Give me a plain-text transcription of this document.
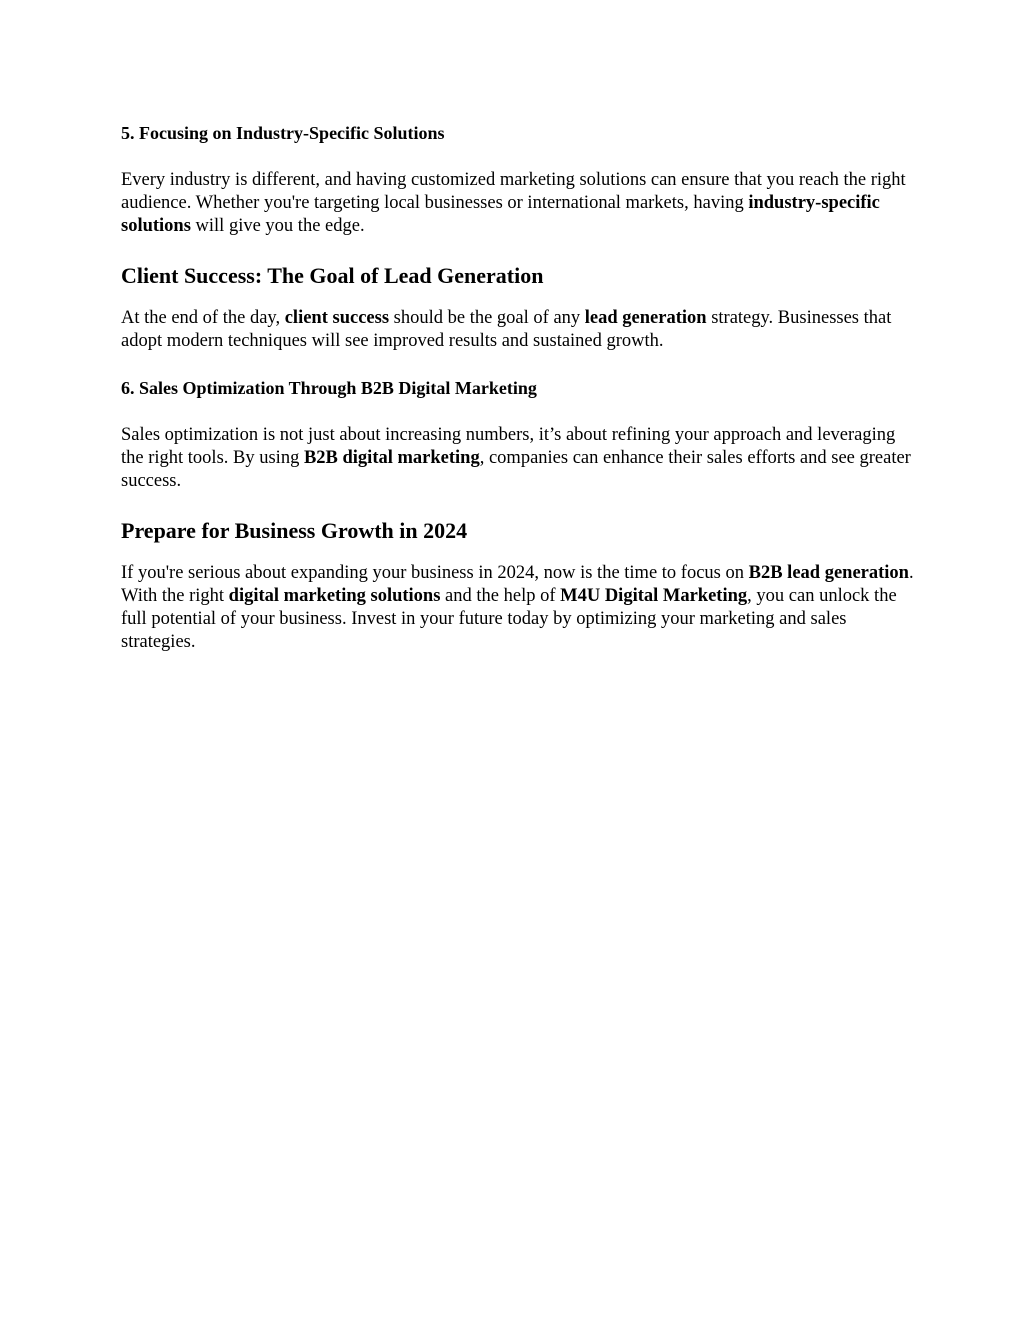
5. Focusing on Industry-Specific Solutions
Every industry is different, and having customized marketing solutions can ensure that you reach the right audience. Whether you're targeting local businesses or international markets, having industry-specific solutions will give you the edge.
Client Success: The Goal of Lead Generation
At the end of the day, client success should be the goal of any lead generation strategy. Businesses that adopt modern techniques will see improved results and sustained growth.
6. Sales Optimization Through B2B Digital Marketing
Sales optimization is not just about increasing numbers, it’s about refining your approach and leveraging the right tools. By using B2B digital marketing, companies can enhance their sales efforts and see greater success.
Prepare for Business Growth in 2024
If you're serious about expanding your business in 2024, now is the time to focus on B2B lead generation. With the right digital marketing solutions and the help of M4U Digital Marketing, you can unlock the full potential of your business. Invest in your future today by optimizing your marketing and sales strategies.
